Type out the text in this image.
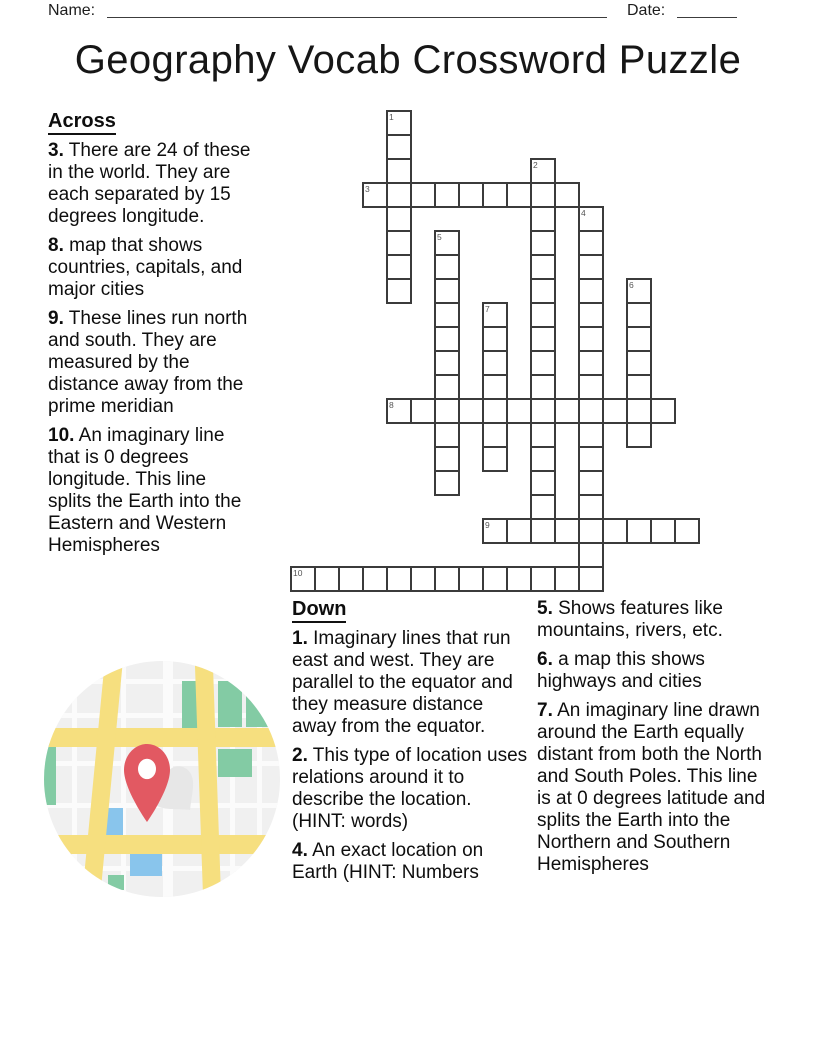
Name:	Date:
Geography Vocab Crossword Puzzle
Across

3. There are 24 of these in the world. They are each separated by 15 degrees longitude.

8. map that shows countries, capitals, and major cities

9. These lines run north and south. They are measured by the distance away from the prime meridian

10. An imaginary line that is 0 degrees longitude. This line splits the Earth into the Eastern and Western Hemispheres

1
2
3
4
5
6
7
8
9
10
Down

1. Imaginary lines that run east and west. They are parallel to the equator and they measure distance away from the equator.

2. This type of location uses relations around it to describe the location. (HINT: words)

4. An exact location on Earth (HINT: Numbers

5. Shows features like mountains, rivers, etc.

6. a map this shows highways and cities

7. An imaginary line drawn around the Earth equally distant from both the North and South Poles. This line is at 0 degrees latitude and splits the Earth into the Northern and Southern Hemispheres
